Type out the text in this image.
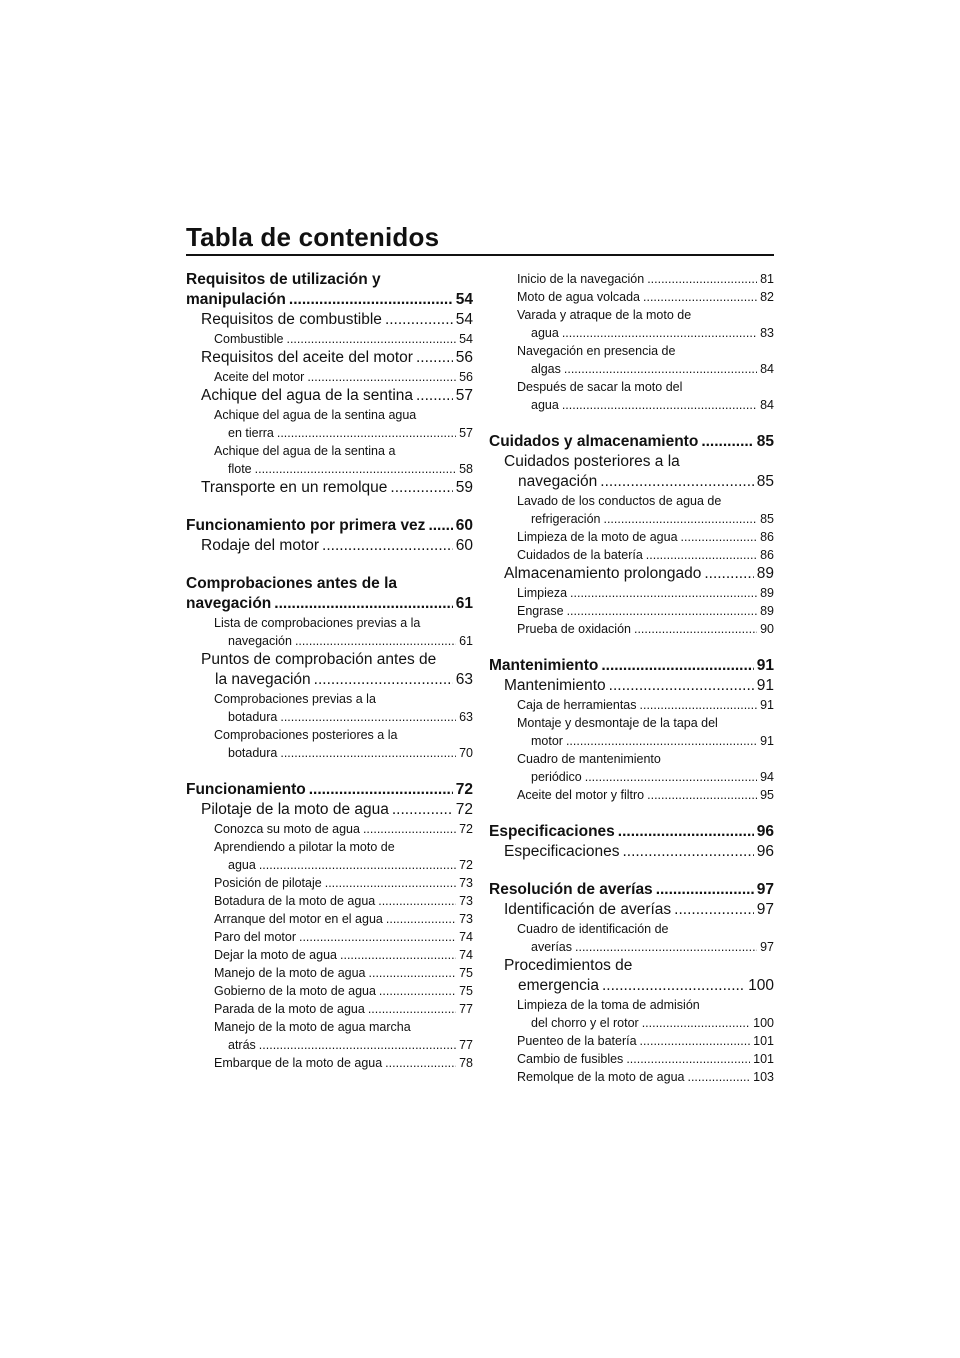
Tabla de contenidos
Requisitos de utilización y
manipulación .....	54
Requisitos de combustible .....	54
Combustible .....	54
Requisitos del aceite del motor .....	56
Aceite del motor .....	56
Achique del agua de la sentina .....	57
Achique del agua de la sentina agua
en tierra .....	57
Achique del agua de la sentina a
flote .....	58
Transporte en un remolque .....	59
Funcionamiento por primera vez ..... 60
Rodaje del motor .....	60
Comprobaciones antes de la
navegación .....	61
Lista de comprobaciones previas a la
navegación .....	61
Puntos de comprobación antes de
la navegación .....	63
Comprobaciones previas a la
botadura .....	63
Comprobaciones posteriores a la
botadura .....	70
Funcionamiento .....	72
Pilotaje de la moto de agua .....	72
Conozca su moto de agua .....	72
Aprendiendo a pilotar la moto de
agua .....	72
Posición de pilotaje .....	73
Botadura de la moto de agua .....	73
Arranque del motor en el agua .....	73
Paro del motor .....	74
Dejar la moto de agua .....	74
Manejo de la moto de agua .....	75
Gobierno de la moto de agua .....	75
Parada de la moto de agua .....	77
Manejo de la moto de agua marcha
atrás .....	77
Embarque de la moto de agua .....	78
Inicio de la navegación .....	81
Moto de agua volcada .....	82
Varada y atraque de la moto de
agua .....	83
Navegación en presencia de
algas .....	84
Después de sacar la moto del
agua .....	84
Cuidados y almacenamiento .....	85
Cuidados posteriores a la
navegación .....	85
Lavado de los conductos de agua de
refrigeración .....	85
Limpieza de la moto de agua .....	86
Cuidados de la batería .....	86
Almacenamiento prolongado .....	89
Limpieza .....	89
Engrase .....	89
Prueba de oxidación .....	90
Mantenimiento .....	91
Mantenimiento .....	91
Caja de herramientas .....	91
Montaje y desmontaje de la tapa del
motor .....	91
Cuadro de mantenimiento
periódico .....	94
Aceite del motor y filtro .....	95
Especificaciones .....	96
Especificaciones .....	96
Resolución de averías .....	97
Identificación de averías .....	97
Cuadro de identificación de
averías .....	97
Procedimientos de
emergencia .....	100
Limpieza de la toma de admisión
del chorro y el rotor .....	100
Puenteo de la batería .....	101
Cambio de fusibles .....	101
Remolque de la moto de agua .....	103
